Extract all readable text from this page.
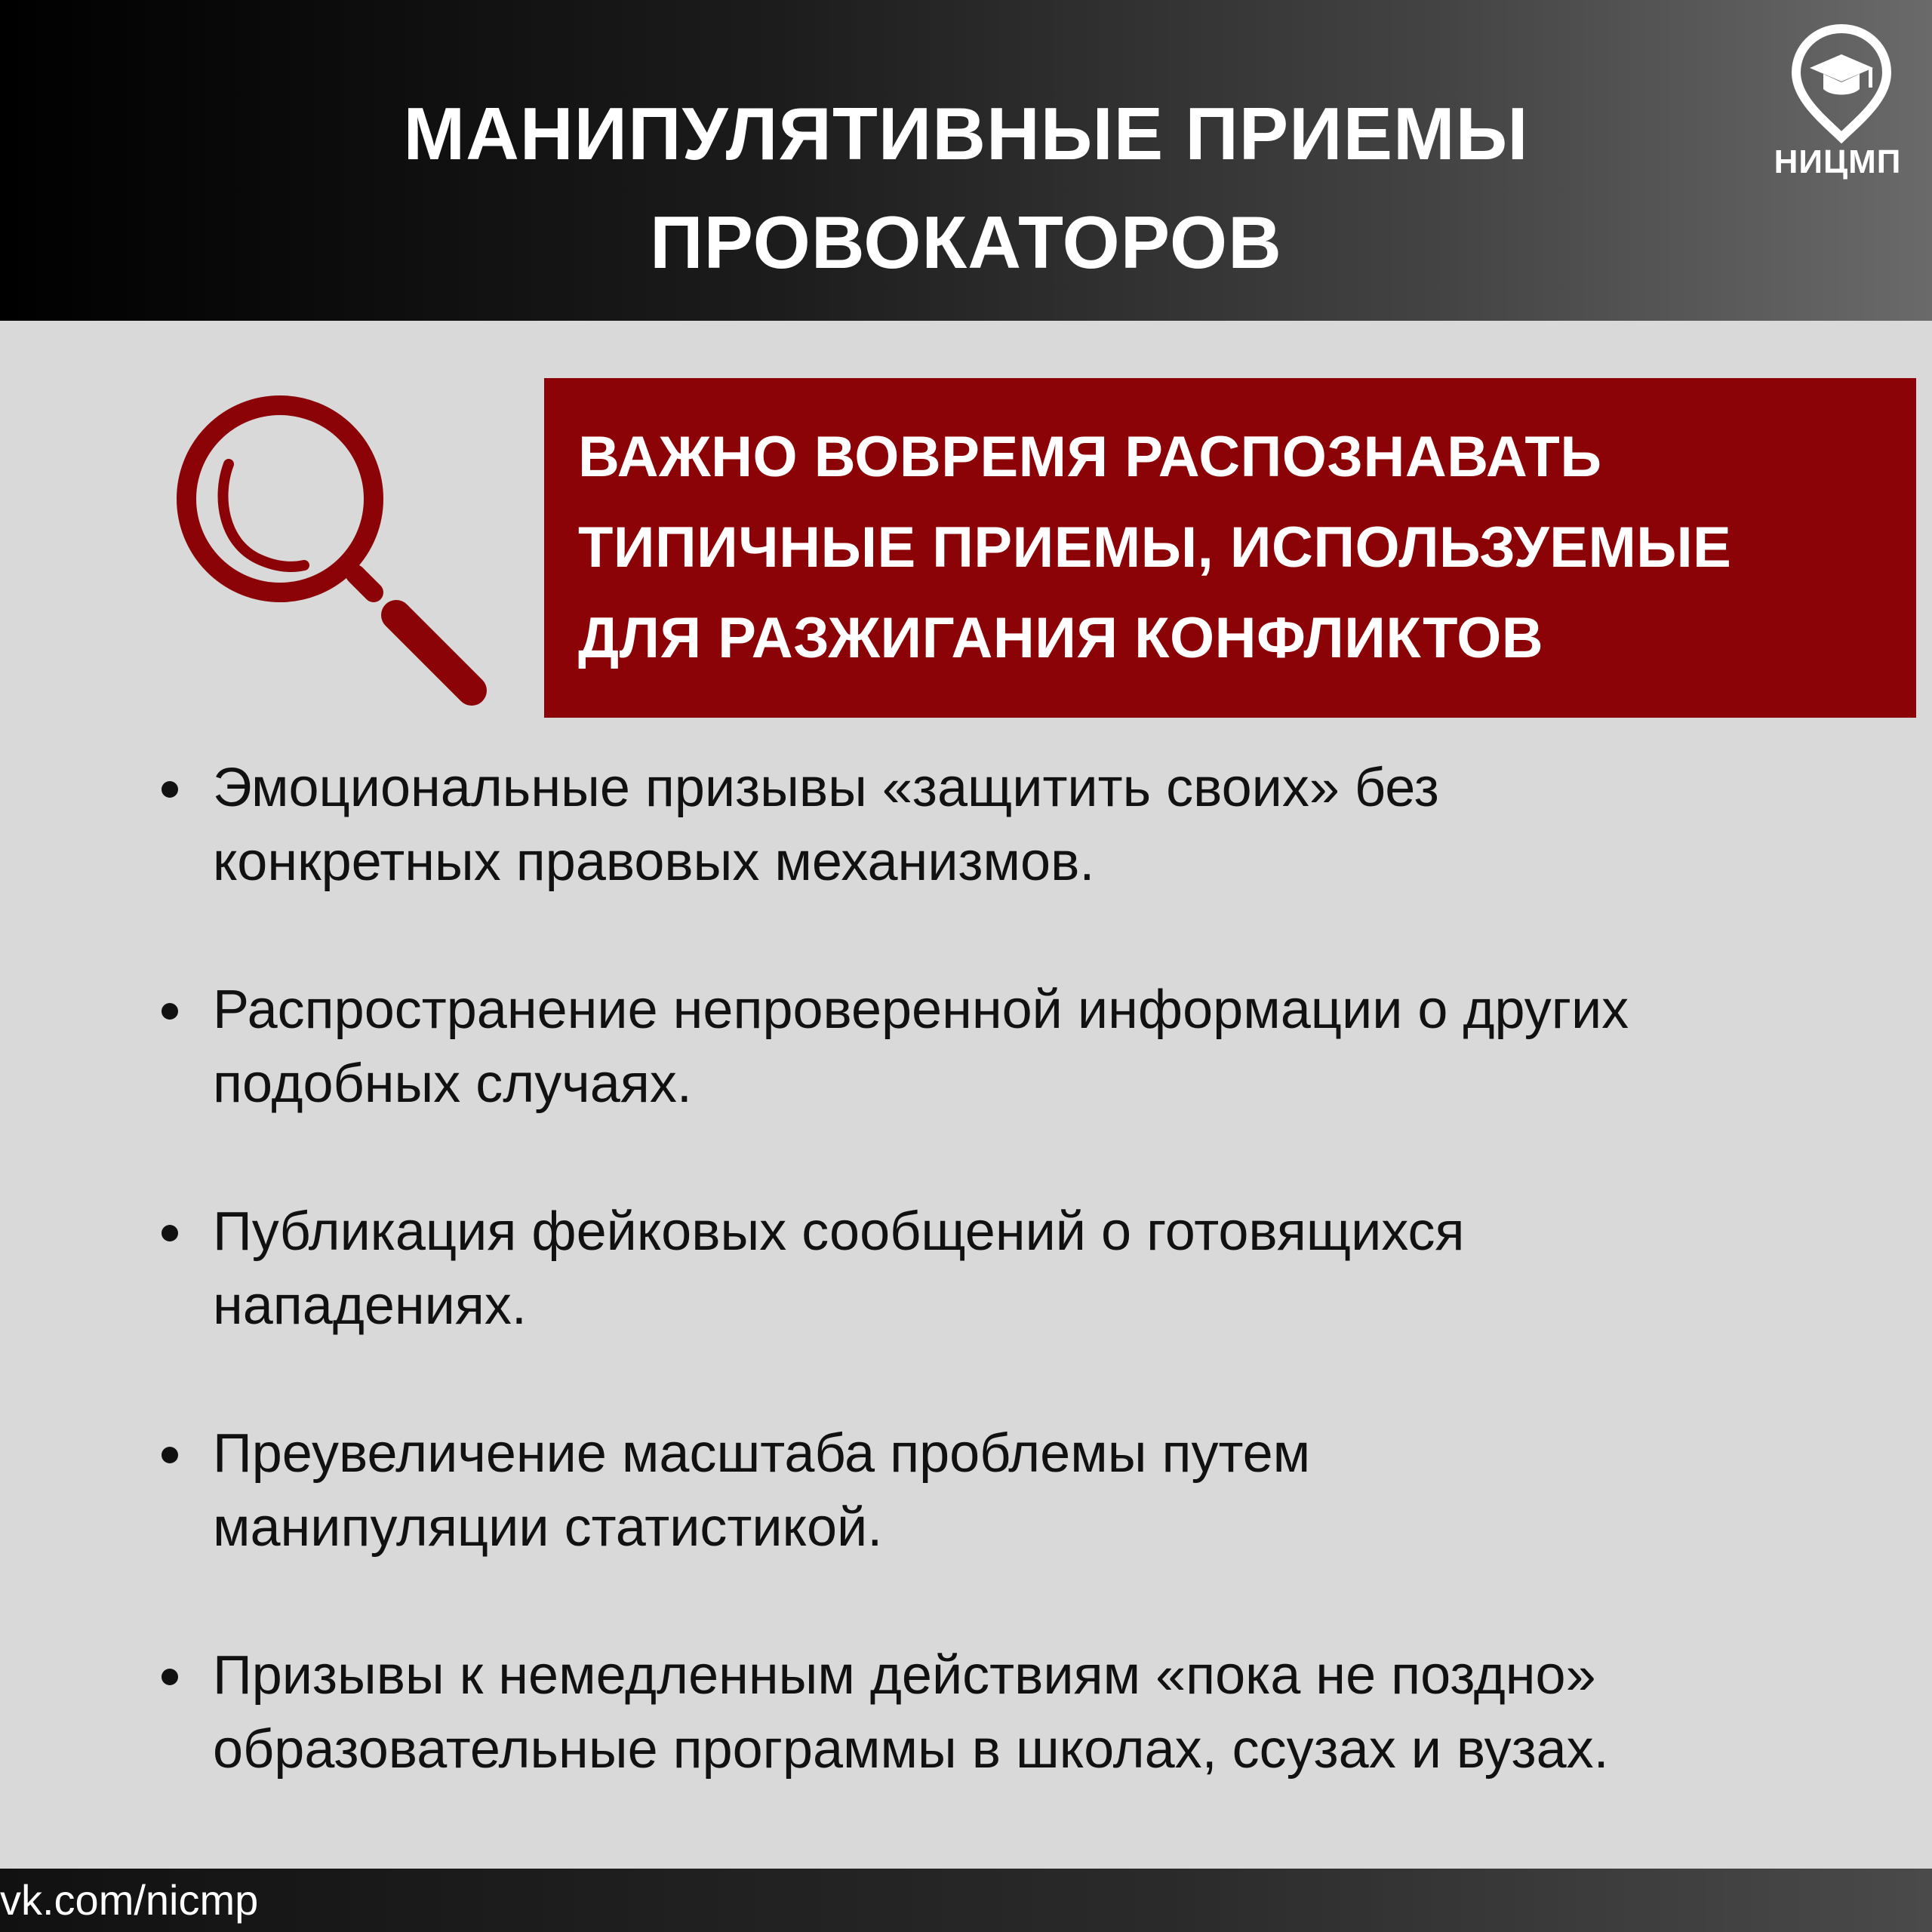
МАНИПУЛЯТИВНЫЕ ПРИЕМЫ
ПРОВОКАТОРОВ
НИЦМП
ВАЖНО ВОВРЕМЯ РАСПОЗНАВАТЬ
ТИПИЧНЫЕ ПРИЕМЫ, ИСПОЛЬЗУЕМЫЕ
ДЛЯ РАЗЖИГАНИЯ КОНФЛИКТОВ
Эмоциональные призывы «защитить своих» без
конкретных правовых механизмов.
Распространение непроверенной информации о других
подобных случаях.
Публикация фейковых сообщений о готовящихся
нападениях.
Преувеличение масштаба проблемы путем
манипуляции статистикой.
Призывы к немедленным действиям «пока не поздно»
образовательные программы в школах, ссузах и вузах.
vk.com/nicmp
